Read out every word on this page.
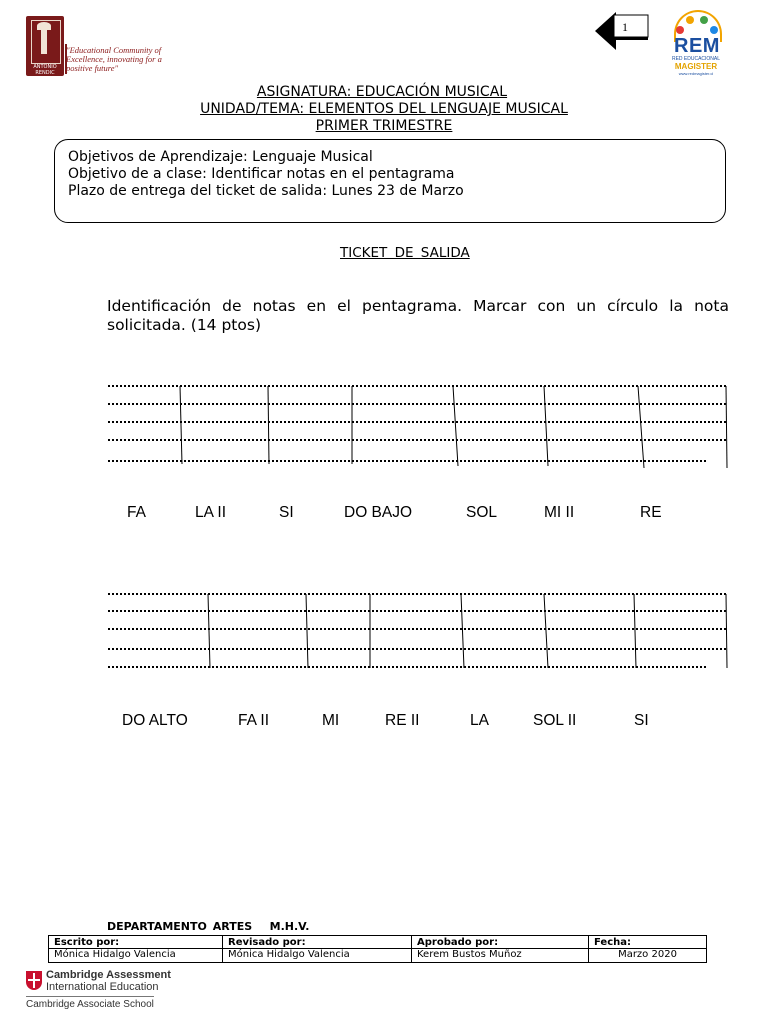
ANTONIO RENDIC
"Educational Community of Excellence, innovating for a positive future"
1
REM
RED EDUCACIONAL
MAGISTER
www.redmagister.cl
ASIGNATURA: EDUCACIÓN MUSICAL
UNIDAD/TEMA: ELEMENTOS DEL LENGUAJE MUSICAL
PRIMER TRIMESTRE
Objetivos de Aprendizaje: Lenguaje Musical
Objetivo de a clase: Identificar notas en el pentagrama
Plazo de entrega del ticket de salida: Lunes 23 de Marzo
TICKET DE SALIDA
Identificación de notas en el pentagrama. Marcar con un círculo la nota solicitada. (14 ptos)
FA	LA II	SI	DO BAJO	SOL	MI II	RE
DO ALTO	FA II	MI	RE II	LA	SOL II	SI
DEPARTAMENTO ARTES   M.H.V.
Escrito por:	Revisado por:	Aprobado por:	Fecha:
Mónica Hidalgo Valencia	Mónica Hidalgo Valencia	Kerem Bustos Muñoz	Marzo 2020
Cambridge Assessment
International Education
Cambridge Associate School
